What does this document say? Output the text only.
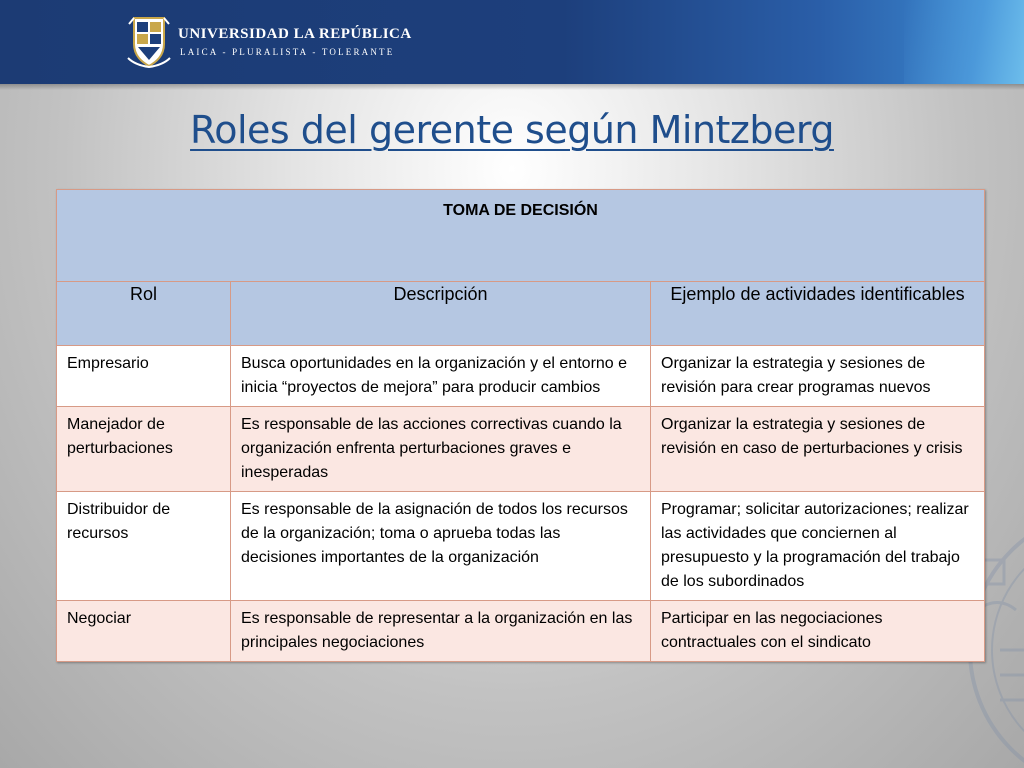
UNIVERSIDAD LA REPÚBLICA
LAICA - PLURALISTA - TOLERANTE
Roles del gerente según Mintzberg
TOMA DE DECISIÓN		
Rol	Descripción	Ejemplo de actividades identificables
Empresario	Busca oportunidades en la organización y el entorno e inicia “proyectos de mejora” para producir cambios	Organizar la estrategia y sesiones de revisión para crear programas nuevos
Manejador de perturbaciones	Es responsable de las acciones correctivas cuando la organización enfrenta perturbaciones graves e inesperadas	Organizar la estrategia y sesiones de revisión en caso de perturbaciones y crisis
Distribuidor de recursos	Es responsable de la asignación de todos los recursos de la organización; toma o aprueba todas las decisiones importantes de la organización	Programar; solicitar autorizaciones; realizar las actividades que conciernen al presupuesto y la programación del trabajo de los subordinados
Negociar	Es responsable de representar a la organización en las principales negociaciones	Participar en las negociaciones contractuales con el sindicato
